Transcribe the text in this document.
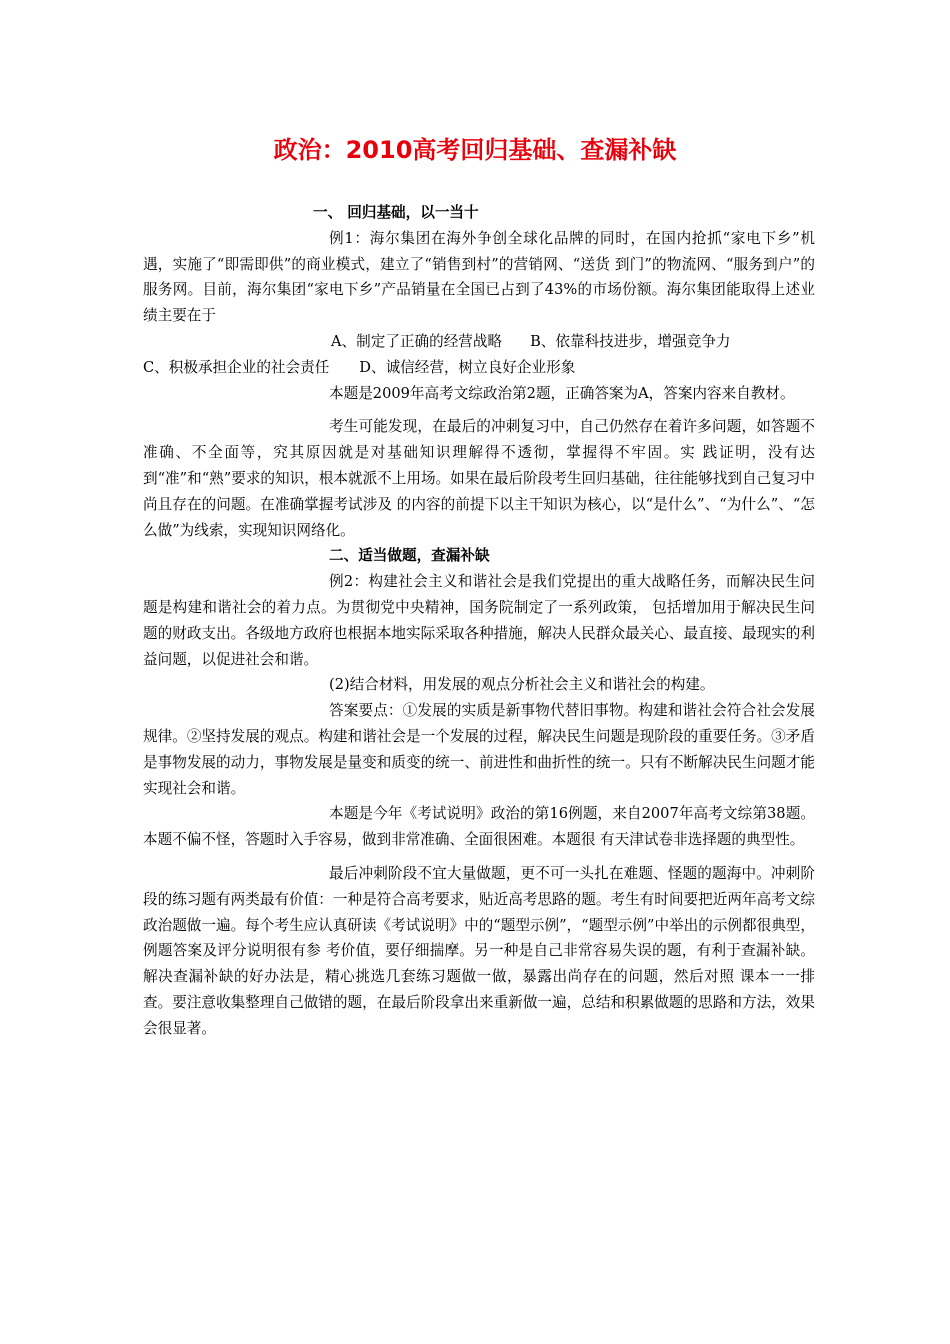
政治：2010高考回归基础、查漏补缺

一、 回归基础，以一当十

例1：海尔集团在海外争创全球化品牌的同时，在国内抢抓“家电下乡”机遇，实施了“即需即供”的商业模式，建立了“销售到村”的营销网、“送货 到门”的物流网、“服务到户”的服务网。目前，海尔集团“家电下乡”产品销量在全国已占到了43%的市场份额。海尔集团能取得上述业绩主要在于

A、制定了正确的经营战略 B、依靠科技进步，增强竞争力

C、积极承担企业的社会责任 D、诚信经营，树立良好企业形象

本题是2009年高考文综政治第2题，正确答案为A，答案内容来自教材。

考生可能发现，在最后的冲刺复习中，自己仍然存在着许多问题，如答题不准确、不全面等，究其原因就是对基础知识理解得不透彻，掌握得不牢固。实 践证明，没有达到“准”和“熟”要求的知识，根本就派不上用场。如果在最后阶段考生回归基础，往往能够找到自己复习中尚且存在的问题。在准确掌握考试涉及 的内容的前提下以主干知识为核心，以“是什么”、“为什么”、“怎么做”为线索，实现知识网络化。

二、适当做题，查漏补缺

例2：构建社会主义和谐社会是我们党提出的重大战略任务，而解决民生问题是构建和谐社会的着力点。为贯彻党中央精神，国务院制定了一系列政策， 包括增加用于解决民生问题的财政支出。各级地方政府也根据本地实际采取各种措施，解决人民群众最关心、最直接、最现实的利益问题，以促进社会和谐。

(2)结合材料，用发展的观点分析社会主义和谐社会的构建。

答案要点：①发展的实质是新事物代替旧事物。构建和谐社会符合社会发展规律。②坚持发展的观点。构建和谐社会是一个发展的过程，解决民生问题是现阶段的重要任务。③矛盾是事物发展的动力，事物发展是量变和质变的统一、前进性和曲折性的统一。只有不断解决民生问题才能实现社会和谐。

本题是今年《考试说明》政治的第16例题，来自2007年高考文综第38题。本题不偏不怪，答题时入手容易，做到非常准确、全面很困难。本题很 有天津试卷非选择题的典型性。

最后冲刺阶段不宜大量做题，更不可一头扎在难题、怪题的题海中。冲刺阶段的练习题有两类最有价值：一种是符合高考要求，贴近高考思路的题。考生有时间要把近两年高考文综政治题做一遍。每个考生应认真研读《考试说明》中的“题型示例”，“题型示例”中举出的示例都很典型，例题答案及评分说明很有参 考价值，要仔细揣摩。另一种是自己非常容易失误的题，有利于查漏补缺。解决查漏补缺的好办法是，精心挑选几套练习题做一做，暴露出尚存在的问题，然后对照 课本一一排查。要注意收集整理自己做错的题，在最后阶段拿出来重新做一遍，总结和积累做题的思路和方法，效果会很显著。
